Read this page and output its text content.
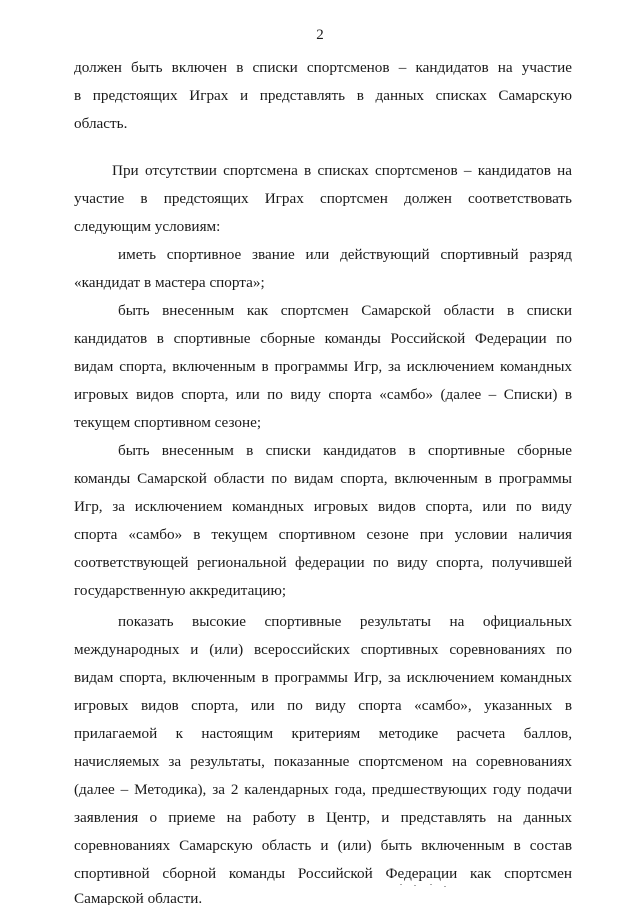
2
должен быть включен в списки спортсменов – кандидатов на участие
в предстоящих Играх и представлять в данных списках Самарскую
область.
При отсутствии спортсмена в списках спортсменов – кандидатов на
участие в предстоящих Играх спортсмен должен соответствовать
следующим условиям:
иметь спортивное звание или действующий спортивный разряд
«кандидат в мастера спорта»;
быть внесенным как спортсмен Самарской области в списки
кандидатов в спортивные сборные команды Российской Федерации по
видам спорта, включенным в программы Игр, за исключением командных
игровых видов спорта, или по виду спорта «самбо» (далее – Списки) в
текущем спортивном сезоне;
быть внесенным в списки кандидатов в спортивные сборные
команды Самарской области по видам спорта, включенным в программы
Игр, за исключением командных игровых видов спорта, или по виду
спорта «самбо» в текущем спортивном сезоне при условии наличия
соответствующей региональной федерации по виду спорта, получившей
государственную аккредитацию;
показать высокие спортивные результаты на официальных
международных и (или) всероссийских спортивных соревнованиях по
видам спорта, включенным в программы Игр, за исключением командных
игровых видов спорта, или по виду спорта «самбо», указанных в
прилагаемой к настоящим критериям методике расчета баллов,
начисляемых за результаты, показанные спортсменом на соревнованиях
(далее – Методика), за 2 календарных года, предшествующих году подачи
заявления о приеме на работу в Центр, и представлять на данных
соревнованиях Самарскую область и (или) быть включенным в состав
спортивной сборной команды Российской Федерации как спортсмен
Самарской области.
